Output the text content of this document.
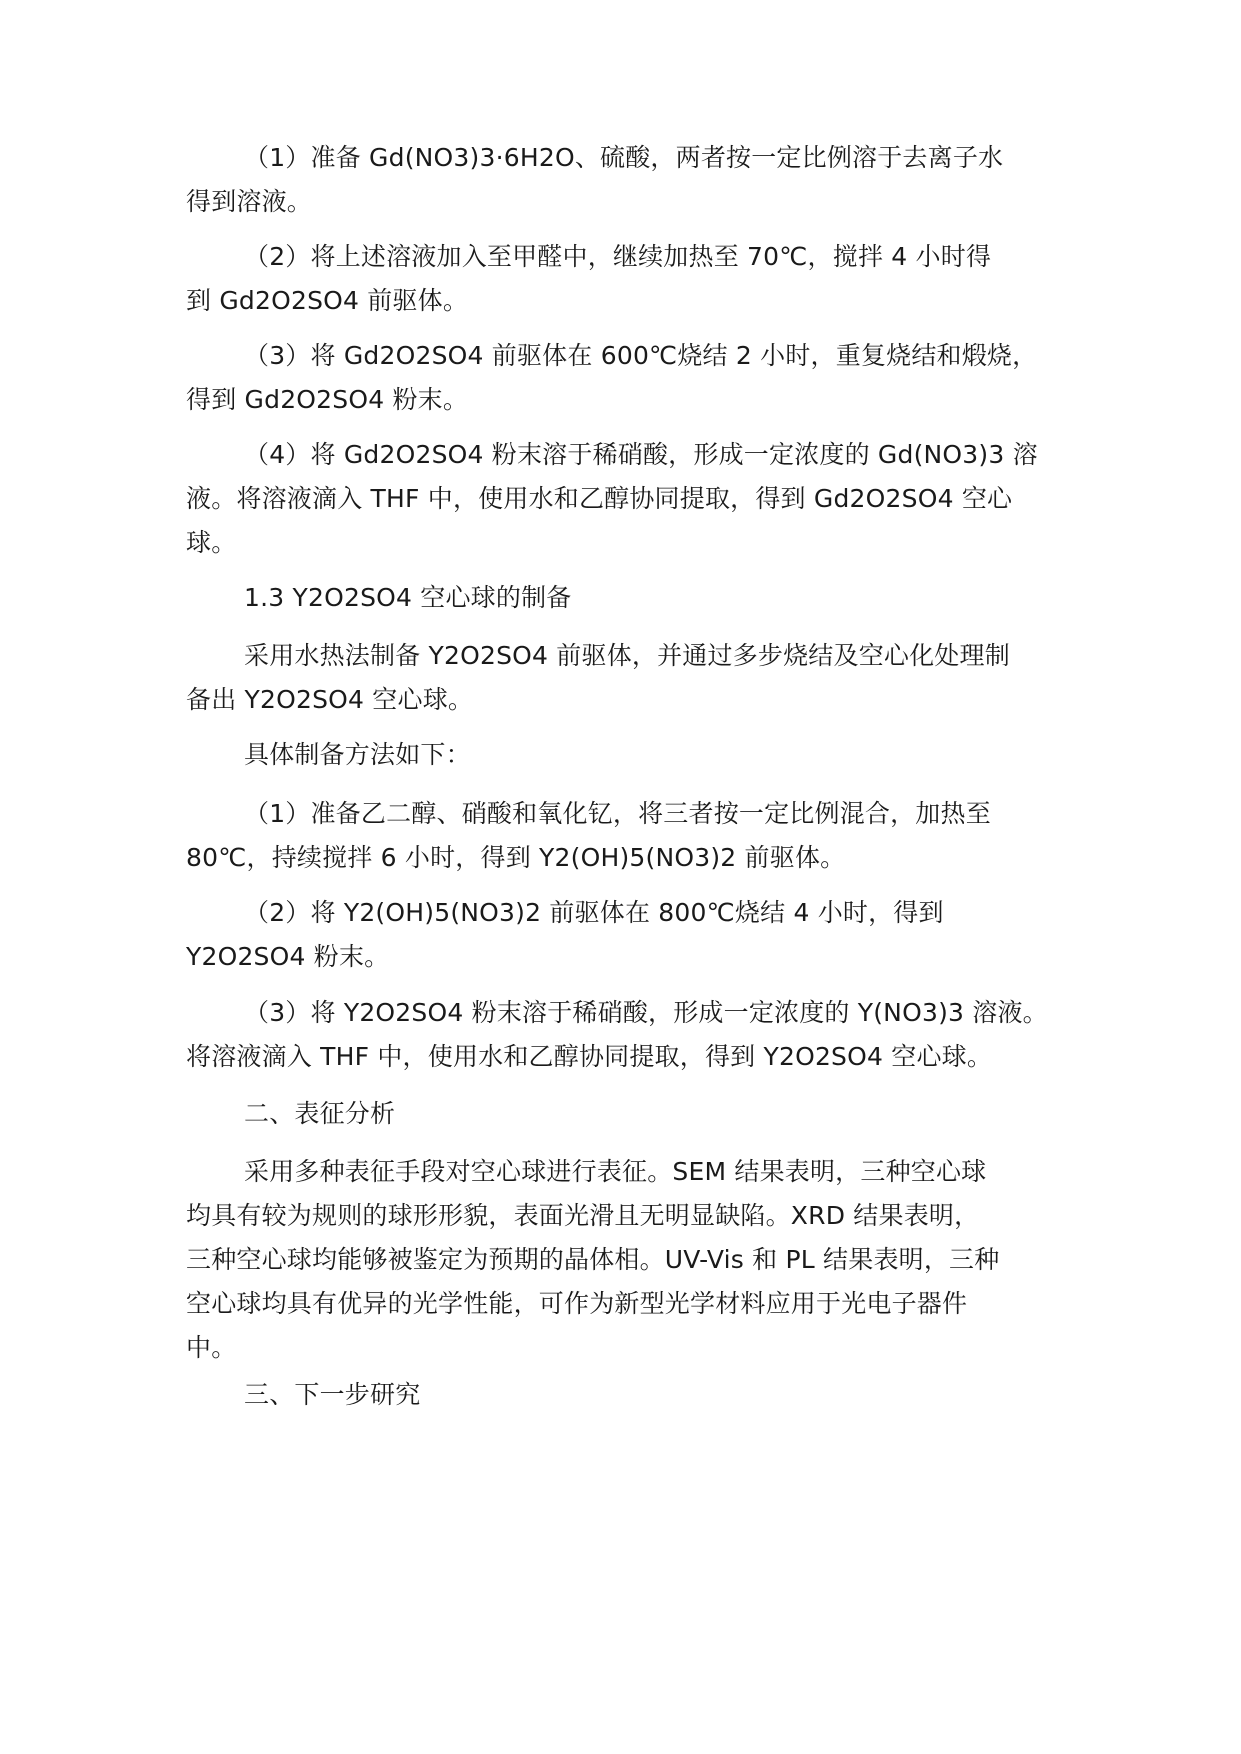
（1）准备 Gd(NO3)3·6H2O、硫酸，两者按一定比例溶于去离子水
得到溶液。
（2）将上述溶液加入至甲醛中，继续加热至 70℃，搅拌 4 小时得
到 Gd2O2SO4 前驱体。
（3）将 Gd2O2SO4 前驱体在 600℃烧结 2 小时，重复烧结和煅烧，
得到 Gd2O2SO4 粉末。
（4）将 Gd2O2SO4 粉末溶于稀硝酸，形成一定浓度的 Gd(NO3)3 溶
液。将溶液滴入 THF 中，使用水和乙醇协同提取，得到 Gd2O2SO4 空心
球。
1.3 Y2O2SO4 空心球的制备
采用水热法制备 Y2O2SO4 前驱体，并通过多步烧结及空心化处理制
备出 Y2O2SO4 空心球。
具体制备方法如下：
（1）准备乙二醇、硝酸和氧化钇，将三者按一定比例混合，加热至
80℃，持续搅拌 6 小时，得到 Y2(OH)5(NO3)2 前驱体。
（2）将 Y2(OH)5(NO3)2 前驱体在 800℃烧结 4 小时，得到
Y2O2SO4 粉末。
（3）将 Y2O2SO4 粉末溶于稀硝酸，形成一定浓度的 Y(NO3)3 溶液。
将溶液滴入 THF 中，使用水和乙醇协同提取，得到 Y2O2SO4 空心球。
二、表征分析
采用多种表征手段对空心球进行表征。SEM 结果表明，三种空心球
均具有较为规则的球形形貌，表面光滑且无明显缺陷。XRD 结果表明，
三种空心球均能够被鉴定为预期的晶体相。UV-Vis 和 PL 结果表明，三种
空心球均具有优异的光学性能，可作为新型光学材料应用于光电子器件
中。
三、下一步研究
